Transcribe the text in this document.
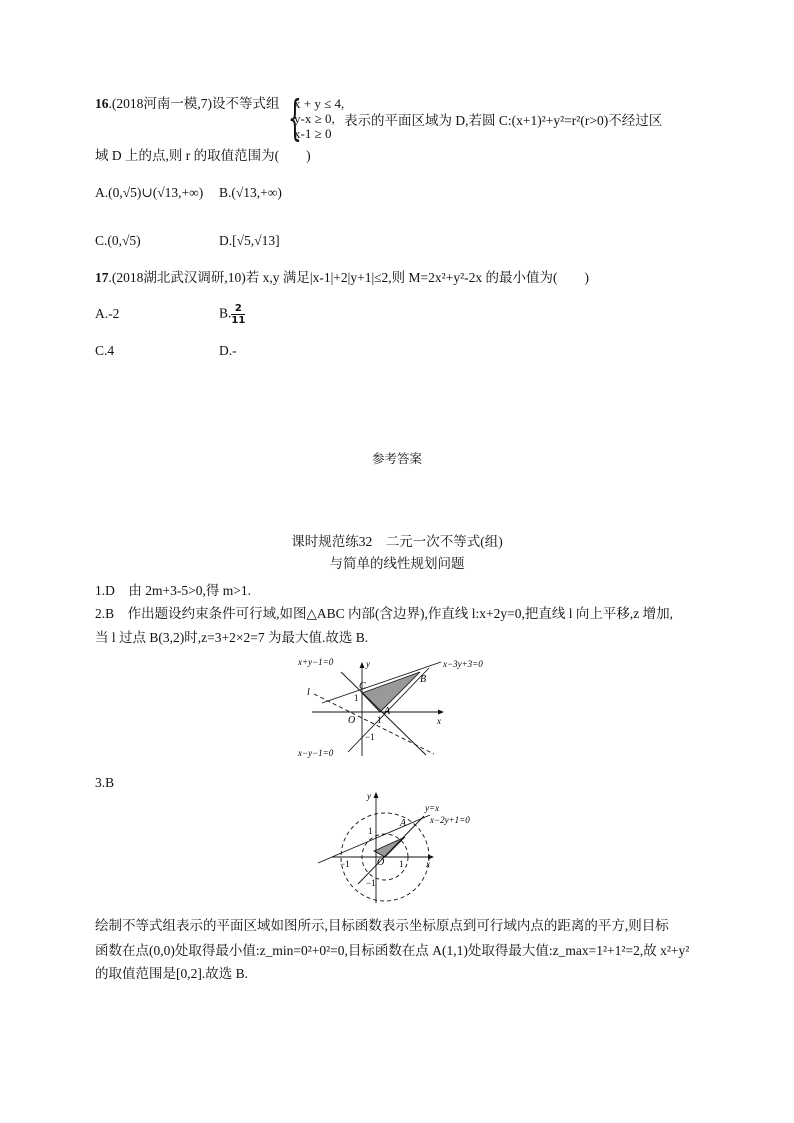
16.(2018河南一模,7)设不等式组 {
x + y ≤ 4,
y-x ≥ 0,
x-1 ≥ 0
表示的平面区域为 D,若圆 C:(x+1)²+y²=r²(r>0)不经过区
域 D 上的点,则 r 的取值范围为(　　)
A.(0,√5)∪(√13,+∞) B.(√13,+∞)
C.(0,√5)	D.[√5,√13]
17.(2018湖北武汉调研,10)若 x,y 满足|x-1|+2|y+1|≤2,则 M=2x²+y²-2x 的最小值为(　　)
A.-2	B. $\frac{2}{11}$
C.4	D.-
参考答案
课时规范练32　二元一次不等式(组)
与简单的线性规划问题
1.D　由 2m+3-5>0,得 m>1.
2.B　作出题设约束条件可行域,如图△ABC 内部(含边界),作直线 l:x+2y=0,把直线 l 向上平移,z 增加,
当 l 过点 B(3,2)时,z=3+2×2=7 为最大值.故选 B.
x+y−1=0	x−3y+3=0
l
y
C
B
1
O 1
A
x
−1
x−y−1=0
3.B
y
y=x
A	x−2y+1=0
1
−1	O 1	x
−1
绘制不等式组表示的平面区域如图所示,目标函数表示坐标原点到可行域内点的距离的平方,则目标
函数在点(0,0)处取得最小值:z_min=0²+0²=0,目标函数在点 A(1,1)处取得最大值:z_max=1²+1²=2,故 x²+y²
的取值范围是[0,2].故选 B.
